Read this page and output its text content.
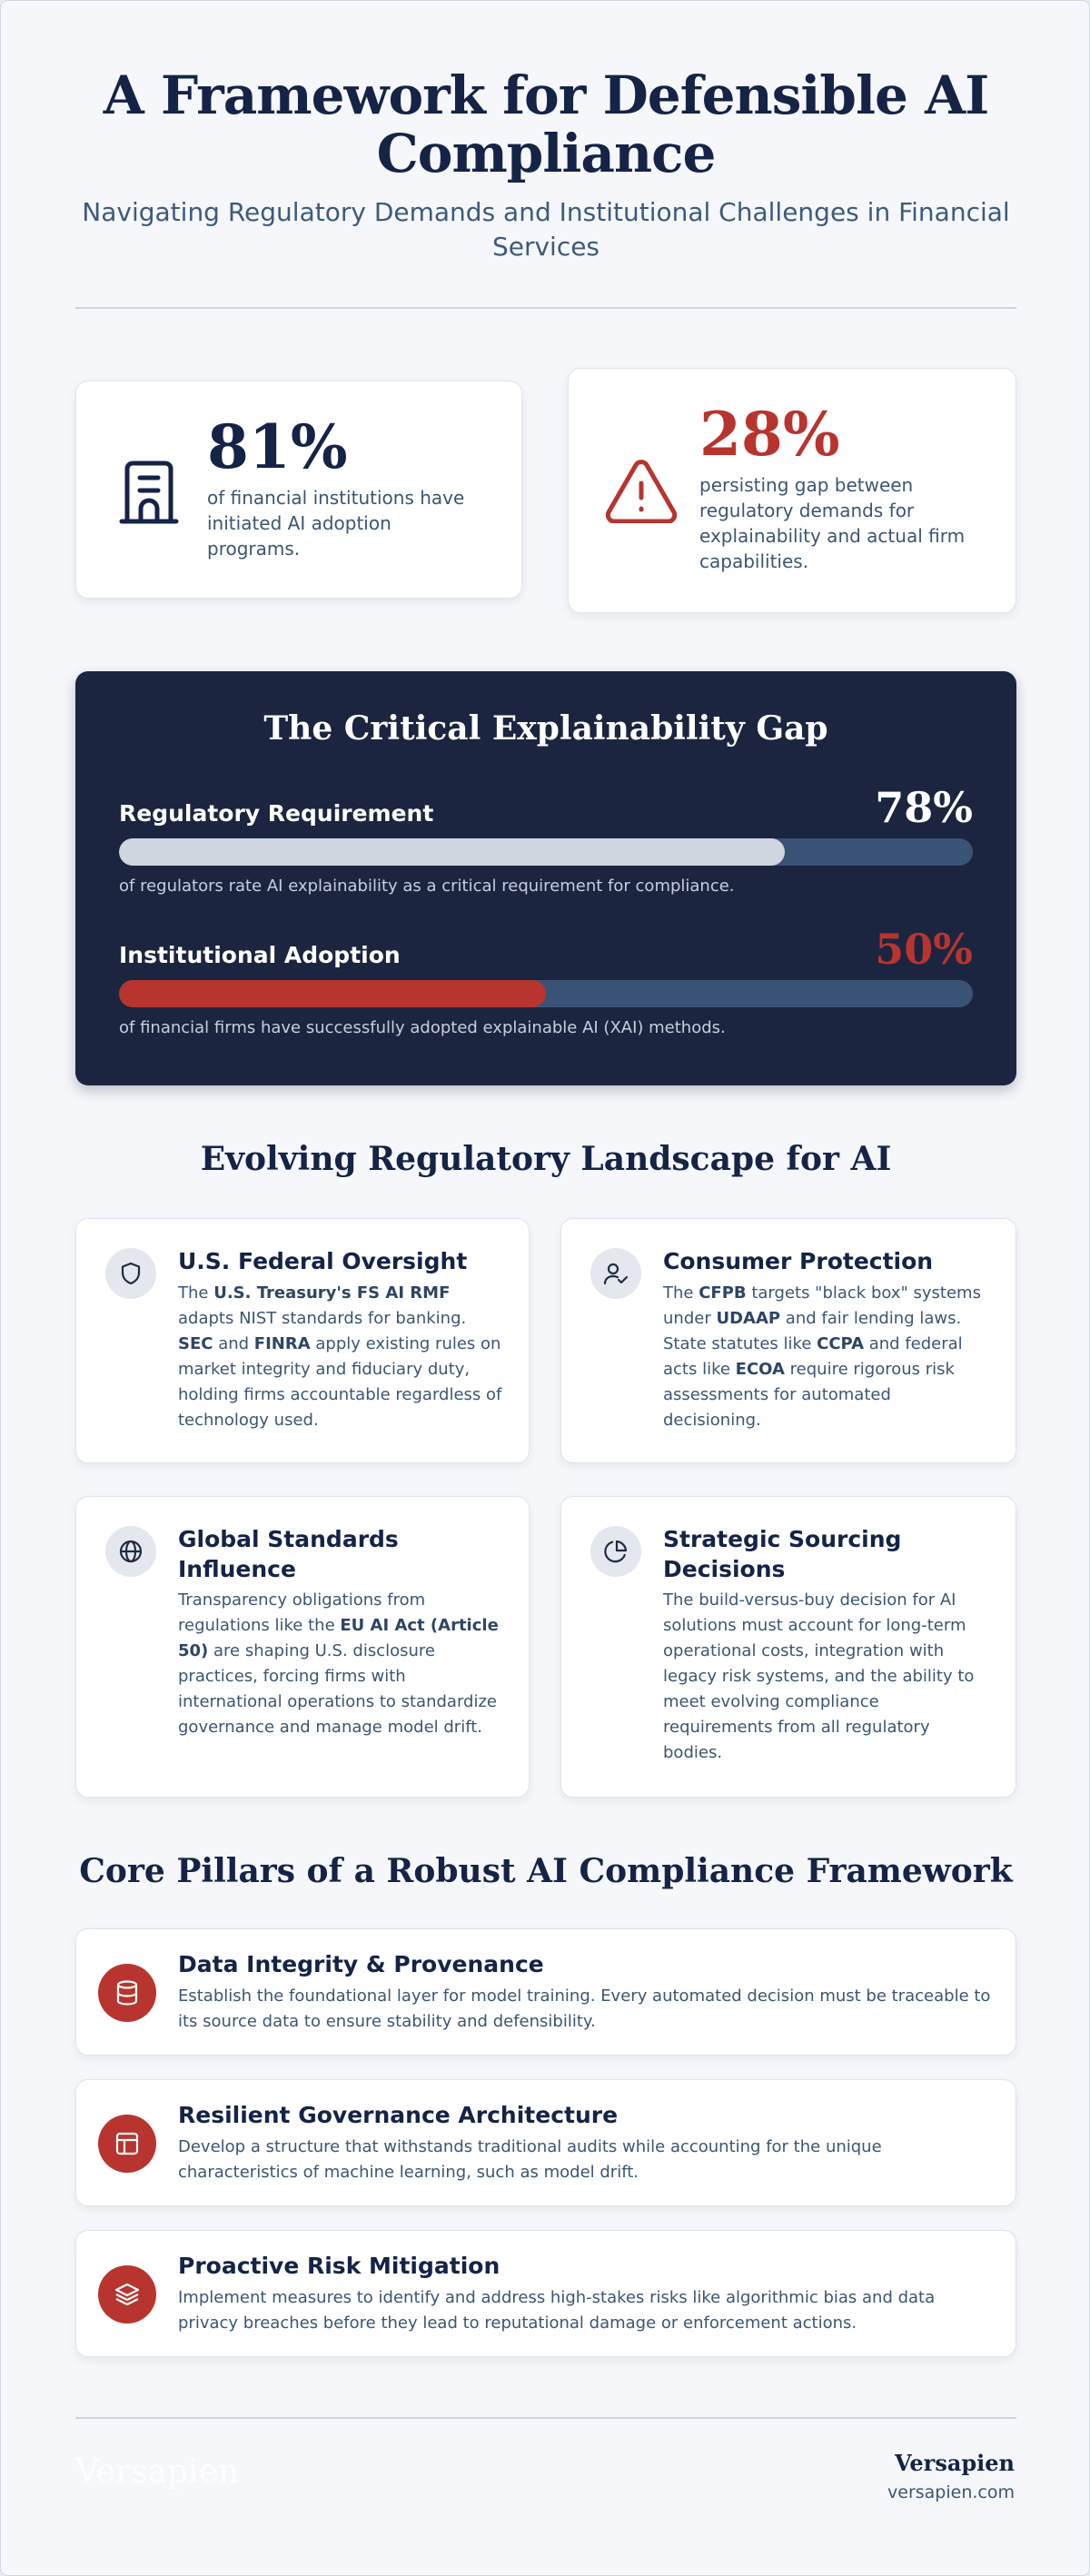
A Framework for Defensible AI Compliance
Navigating Regulatory Demands and Institutional Challenges in Financial Services
81%
of financial institutions have initiated AI adoption programs.
28%
persisting gap between regulatory demands for explainability and actual firm capabilities.
The Critical Explainability Gap
Regulatory Requirement	78%
of regulators rate AI explainability as a critical requirement for compliance.
Institutional Adoption	50%
of financial firms have successfully adopted explainable AI (XAI) methods.
Evolving Regulatory Landscape for AI
U.S. Federal Oversight
The U.S. Treasury's FS AI RMF adapts NIST standards for banking. SEC and FINRA apply existing rules on market integrity and fiduciary duty, holding firms accountable regardless of technology used.
Consumer Protection
The CFPB targets "black box" systems under UDAAP and fair lending laws. State statutes like CCPA and federal acts like ECOA require rigorous risk assessments for automated decisioning.
Global Standards Influence
Transparency obligations from regulations like the EU AI Act (Article 50) are shaping U.S. disclosure practices, forcing firms with international operations to standardize governance and manage model drift.
Strategic Sourcing Decisions
The build-versus-buy decision for AI solutions must account for long-term operational costs, integration with legacy risk systems, and the ability to meet evolving compliance requirements from all regulatory bodies.
Core Pillars of a Robust AI Compliance Framework
Data Integrity & Provenance
Establish the foundational layer for model training. Every automated decision must be traceable to its source data to ensure stability and defensibility.
Resilient Governance Architecture
Develop a structure that withstands traditional audits while accounting for the unique characteristics of machine learning, such as model drift.
Proactive Risk Mitigation
Implement measures to identify and address high-stakes risks like algorithmic bias and data privacy breaches before they lead to reputational damage or enforcement actions.
Versapien	Versapien
versapien.com
